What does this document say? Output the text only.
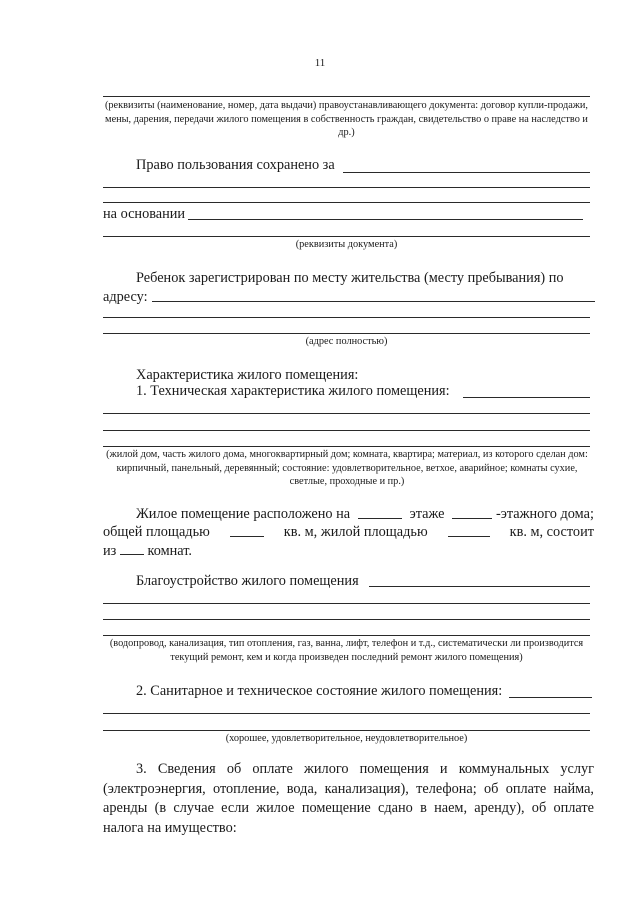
11
(реквизиты (наименование, номер, дата выдачи) правоустанавливающего документа: договор купли-продажи, мены, дарения, передачи жилого помещения в собственность граждан, свидетельство о праве на наследство и др.)
Право пользования сохранено за
на основании
(реквизиты документа)
Ребенок зарегистрирован по месту жительства (месту пребывания) по
адресу:
(адрес полностью)
Характеристика жилого помещения:
1. Техническая характеристика жилого помещения:
(жилой дом, часть жилого дома, многоквартирный дом; комната, квартира; материал, из которого сделан дом: кирпичный, панельный, деревянный; состояние: удовлетворительное, ветхое, аварийное; комнаты сухие, светлые, проходные и пр.)
Жилое помещение расположено на	этаже	-этажного дома;
общей площадью	кв. м, жилой площадью	кв. м, состоит
из комнат.
Благоустройство жилого помещения
(водопровод, канализация, тип отопления, газ, ванна, лифт, телефон и т.д., систематически ли производится текущий ремонт, кем и когда произведен последний ремонт жилого помещения)
2. Санитарное и техническое состояние жилого помещения:
(хорошее, удовлетворительное, неудовлетворительное)
3. Сведения об оплате жилого помещения и коммунальных услуг (электроэнергия, отопление, вода, канализация), телефона; об оплате найма, аренды (в случае если жилое помещение сдано в наем, аренду), об оплате налога на имущество:
